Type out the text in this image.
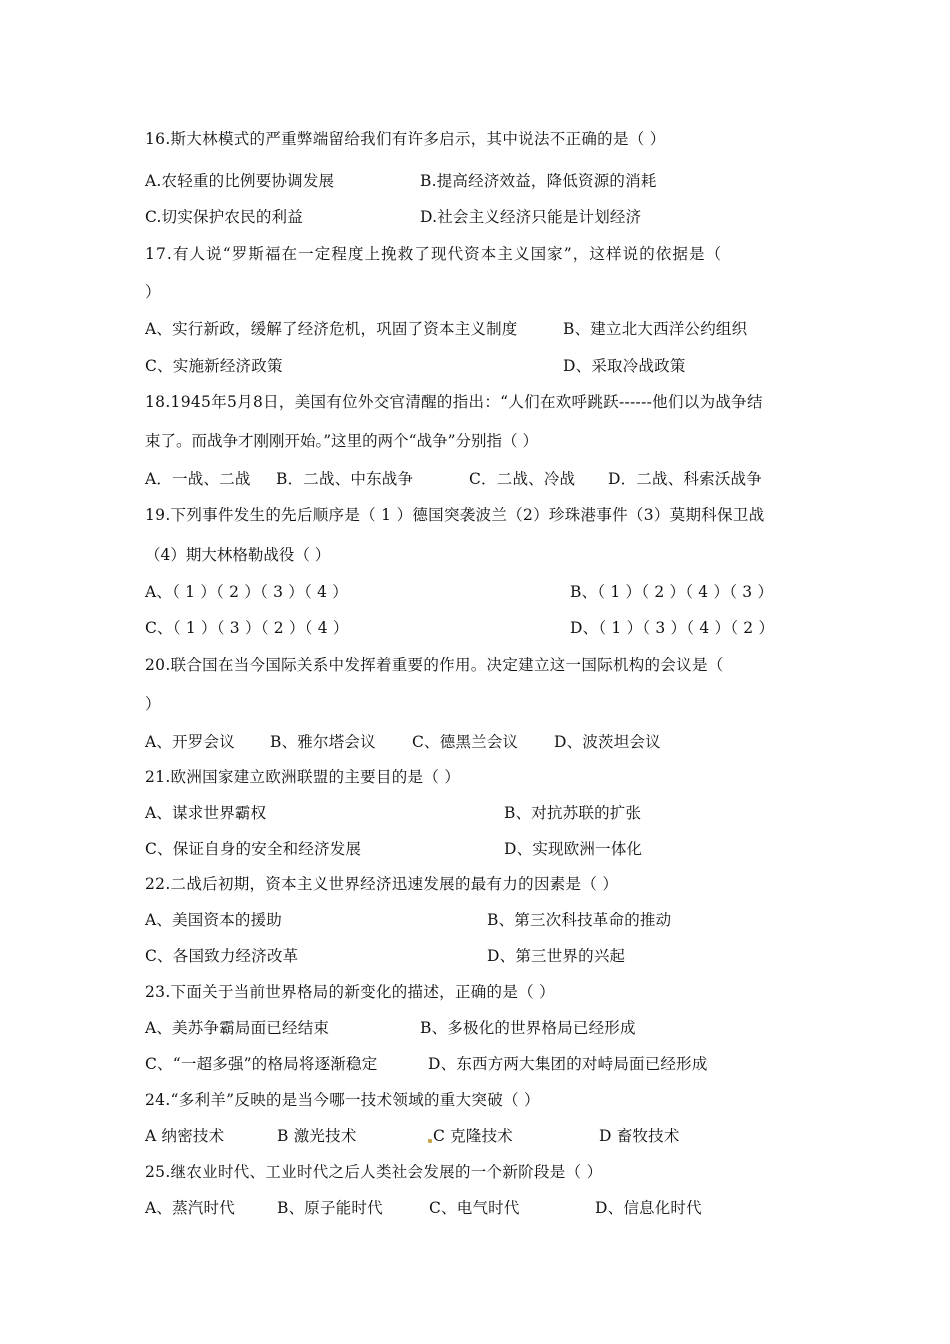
16.斯大林模式的严重弊端留给我们有许多启示，其中说法不正确的是（ ）
A.农轻重的比例要协调发展	B.提高经济效益，降低资源的消耗
C.切实保护农民的利益	D.社会主义经济只能是计划经济
17.有人说“罗斯福在一定程度上挽救了现代资本主义国家”，这样说的依据是（
）
A、实行新政，缓解了经济危机，巩固了资本主义制度	B、建立北大西洋公约组织
C、实施新经济政策	D、采取冷战政策
18.1945年5月8日，美国有位外交官清醒的指出：“人们在欢呼跳跃------他们以为战争结
束了。而战争才刚刚开始。”这里的两个“战争”分别指（ ）
A．一战、二战 B．二战、中东战争	C．二战、冷战 D．二战、科索沃战争
19.下列事件发生的先后顺序是（ 1 ）德国突袭波兰（2）珍珠港事件（3）莫期科保卫战
（4）期大林格勒战役（ ）
A、（ 1 ）（ 2 ）（ 3 ）（ 4 ）	B、（ 1 ）（ 2 ）（ 4 ）（ 3 ）
C、（ 1 ）（ 3 ）（ 2 ）（ 4 ）	D、（ 1 ）（ 3 ）（ 4 ）（ 2 ）
20.联合国在当今国际关系中发挥着重要的作用。决定建立这一国际机构的会议是（
）
A、开罗会议 B、雅尔塔会议 C、德黑兰会议 D、波茨坦会议
21.欧洲国家建立欧洲联盟的主要目的是（ ）
A、谋求世界霸权	B、对抗苏联的扩张
C、保证自身的安全和经济发展	D、实现欧洲一体化
22.二战后初期，资本主义世界经济迅速发展的最有力的因素是（ ）
A、美国资本的援助	B、第三次科技革命的推动
C、各国致力经济改革	D、第三世界的兴起
23.下面关于当前世界格局的新变化的描述，正确的是（ ）
A、美苏争霸局面已经结束	B、多极化的世界格局已经形成
C、“一超多强”的格局将逐渐稳定	D、东西方两大集团的对峙局面已经形成
24.“多利羊”反映的是当今哪一技术领域的重大突破（ ）
A 纳密技术	B 激光技术	C 克隆技术	D 畜牧技术
25.继农业时代、工业时代之后人类社会发展的一个新阶段是（ ）
A、蒸汽时代	B、原子能时代	C、电气时代	D、信息化时代
